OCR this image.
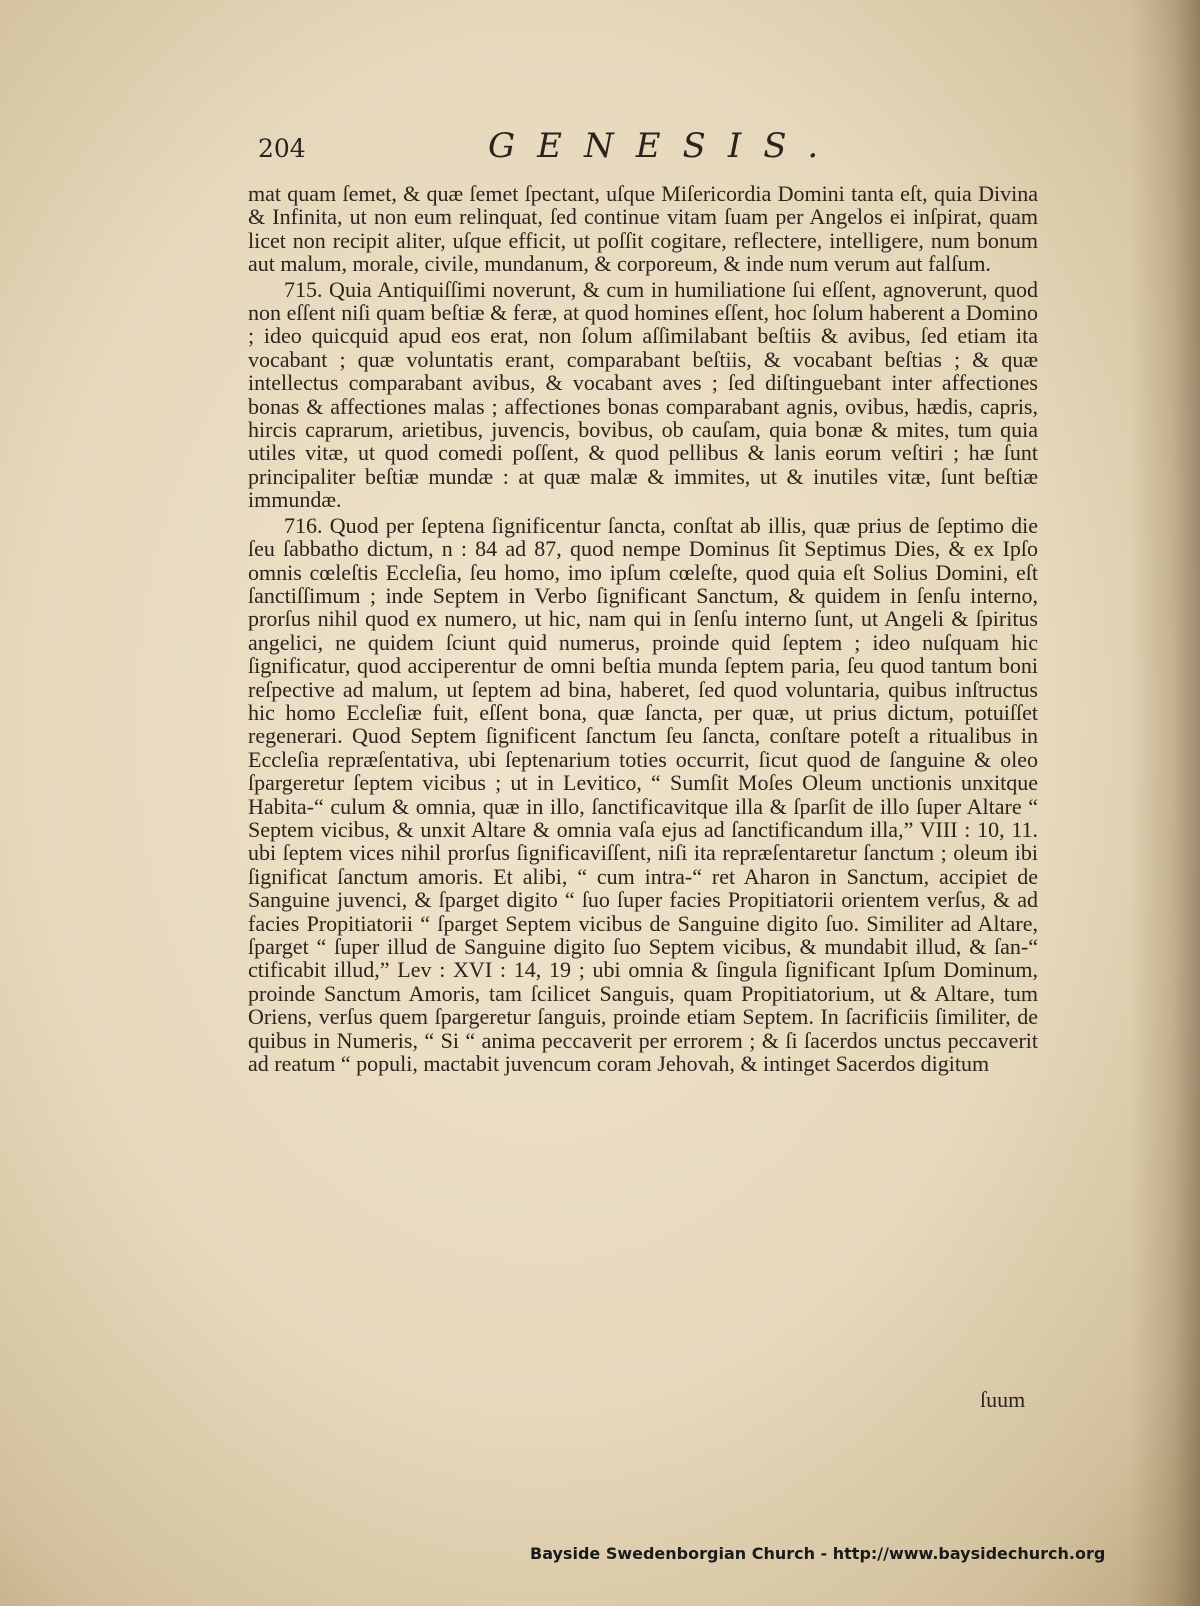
204	GENESIS.

mat quam ſemet, & quæ ſemet ſpectant, uſque Miſericordia Domini tanta eſt, quia Divina & Infinita, ut non eum relinquat, ſed continue vitam ſuam per Angelos ei inſpirat, quam licet non recipit aliter, uſque efficit, ut poſſit cogitare, reflectere, intelligere, num bonum aut malum, morale, civile, mundanum, & corporeum, & inde num verum aut falſum.

715. Quia Antiquiſſimi noverunt, & cum in humiliatione ſui eſſent, agnoverunt, quod non eſſent niſi quam beſtiæ & feræ, at quod homines eſſent, hoc ſolum haberent a Domino ; ideo quicquid apud eos erat, non ſolum aſſimilabant beſtiis & avibus, ſed etiam ita vocabant ; quæ voluntatis erant, comparabant beſtiis, & vocabant beſtias ; & quæ intellectus comparabant avibus, & vocabant aves ; ſed diſtinguebant inter affectiones bonas & affectiones malas ; affectiones bonas comparabant agnis, ovibus, hædis, capris, hircis caprarum, arietibus, juvencis, bovibus, ob cauſam, quia bonæ & mites, tum quia utiles vitæ, ut quod comedi poſſent, & quod pellibus & lanis eorum veſtiri ; hæ ſunt principaliter beſtiæ mundæ : at quæ malæ & immites, ut & inutiles vitæ, ſunt beſtiæ immundæ.

716. Quod per ſeptena ſignificentur ſancta, conſtat ab illis, quæ prius de ſeptimo die ſeu ſabbatho dictum, n : 84 ad 87, quod nempe Dominus ſit Septimus Dies, & ex Ipſo omnis cœleſtis Eccleſia, ſeu homo, imo ipſum cœleſte, quod quia eſt Solius Domini, eſt ſanctiſſimum ; inde Septem in Verbo ſignificant Sanctum, & quidem in ſenſu interno, prorſus nihil quod ex numero, ut hic, nam qui in ſenſu interno ſunt, ut Angeli & ſpiritus angelici, ne quidem ſciunt quid numerus, proinde quid ſeptem ; ideo nuſquam hic ſignificatur, quod acciperentur de omni beſtia munda ſeptem paria, ſeu quod tantum boni reſpective ad malum, ut ſeptem ad bina, haberet, ſed quod voluntaria, quibus inſtructus hic homo Eccleſiæ fuit, eſſent bona, quæ ſancta, per quæ, ut prius dictum, potuiſſet regenerari. Quod Septem ſignificent ſanctum ſeu ſancta, conſtare poteſt a ritualibus in Eccleſia repræſentativa, ubi ſeptenarium toties occurrit, ſicut quod de ſanguine & oleo ſpargeretur ſeptem vicibus ; ut in Levitico, “ Sumſit Moſes Oleum unctionis unxitque Habita-“ culum & omnia, quæ in illo, ſanctificavitque illa & ſparſit de illo ſuper Altare “ Septem vicibus, & unxit Altare & omnia vaſa ejus ad ſanctificandum illa,” VIII : 10, 11. ubi ſeptem vices nihil prorſus ſignificaviſſent, niſi ita repræſentaretur ſanctum ; oleum ibi ſignificat ſanctum amoris. Et alibi, “ cum intra-“ ret Aharon in Sanctum, accipiet de Sanguine juvenci, & ſparget digito “ ſuo ſuper facies Propitiatorii orientem verſus, & ad facies Propitiatorii “ ſparget Septem vicibus de Sanguine digito ſuo. Similiter ad Altare, ſparget “ ſuper illud de Sanguine digito ſuo Septem vicibus, & mundabit illud, & ſan-“ ctificabit illud,” Lev : XVI : 14, 19 ; ubi omnia & ſingula ſignificant Ipſum Dominum, proinde Sanctum Amoris, tam ſcilicet Sanguis, quam Propitiatorium, ut & Altare, tum Oriens, verſus quem ſpargeretur ſanguis, proinde etiam Septem. In ſacrificiis ſimiliter, de quibus in Numeris, “ Si “ anima peccaverit per errorem ; & ſi ſacerdos unctus peccaverit ad reatum “ populi, mactabit juvencum coram Jehovah, & intinget Sacerdos digitum

ſuum
Bayside Swedenborgian Church - http://www.baysidechurch.org
